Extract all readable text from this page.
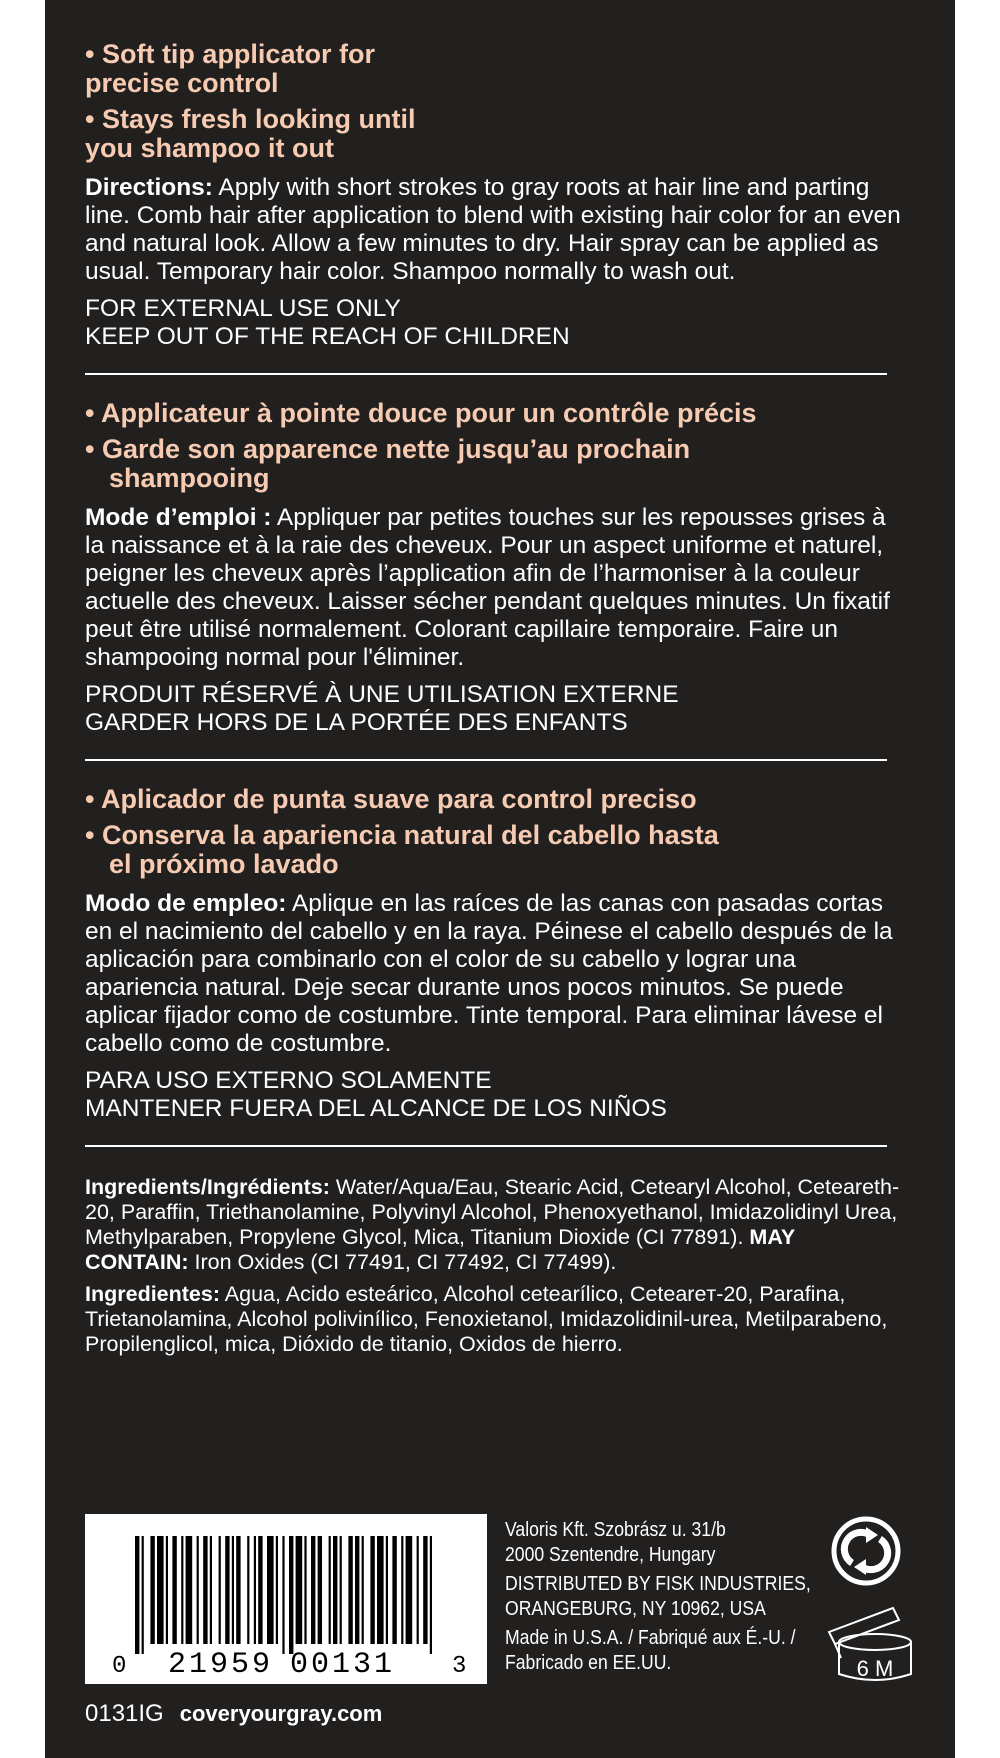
• Soft tip applicator for
precise control

• Stays fresh looking until
you shampoo it out

Directions: Apply with short strokes to gray roots at hair line and parting line. Comb hair after application to blend with existing hair color for an even and natural look. Allow a few minutes to dry. Hair spray can be applied as usual. Temporary hair color. Shampoo normally to wash out.

FOR EXTERNAL USE ONLY
KEEP OUT OF THE REACH OF CHILDREN

• Applicateur à pointe douce pour un contrôle précis

• Garde son apparence nette jusqu’au prochain
shampooing

Mode d’emploi : Appliquer par petites touches sur les repousses grises à la naissance et à la raie des cheveux. Pour un aspect uniforme et naturel, peigner les cheveux après l’application afin de l’harmoniser à la couleur actuelle des cheveux. Laisser sécher pendant quelques minutes. Un fixatif peut être utilisé normalement. Colorant capillaire temporaire. Faire un shampooing normal pour l'éliminer.

PRODUIT RÉSERVÉ À UNE UTILISATION EXTERNE
GARDER HORS DE LA PORTÉE DES ENFANTS

• Aplicador de punta suave para control preciso

• Conserva la apariencia natural del cabello hasta
el próximo lavado

Modo de empleo: Aplique en las raíces de las canas con pasadas cortas en el nacimiento del cabello y en la raya. Péinese el cabello después de la aplicación para combinarlo con el color de su cabello y lograr una apariencia natural. Deje secar durante unos pocos minutos. Se puede aplicar fijador como de costumbre. Tinte temporal. Para eliminar lávese el cabello como de costumbre.

PARA USO EXTERNO SOLAMENTE
MANTENER FUERA DEL ALCANCE DE LOS NIÑOS

Ingredients/Ingrédients: Water/Aqua/Eau, Stearic Acid, Cetearyl Alcohol, Ceteareth-20, Paraffin, Triethanolamine, Polyvinyl Alcohol, Phenoxyethanol, Imidazolidinyl Urea, Methylparaben, Propylene Glycol, Mica, Titanium Dioxide (CI 77891). MAY CONTAIN: Iron Oxides (CI 77491, CI 77492, CI 77499).

Ingredientes: Agua, Acido esteárico, Alcohol cetearílico, Ceteareт-20, Parafina, Trietanolamina, Alcohol polivinílico, Fenoxietanol, Imidazolidinil-urea, Metilparabeno, Propilenglicol, mica, Dióxido de titanio, Oxidos de hierro.

0 21959 00131 3
Valoris Kft. Szobrász u. 31/b
2000 Szentendre, Hungary
DISTRIBUTED BY FISK INDUSTRIES,
ORANGEBURG, NY 10962, USA
Made in U.S.A. / Fabriqué aux É.-U. /
Fabricado en EE.UU.	6 M
0131IG coveryourgray.com
